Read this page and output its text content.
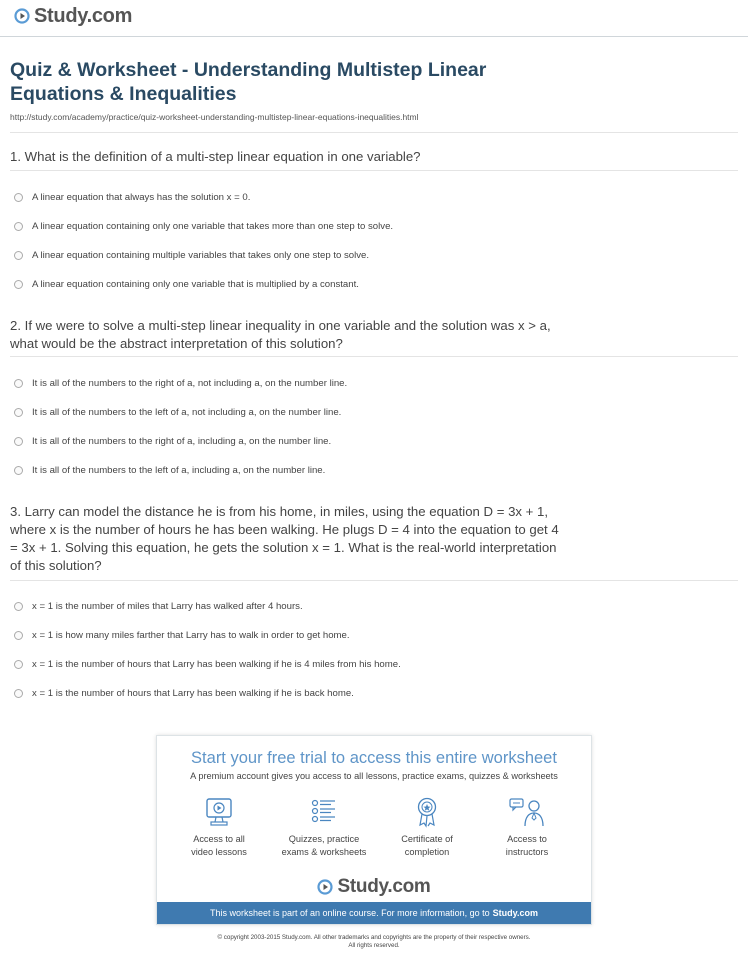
Study.com
Quiz & Worksheet - Understanding Multistep Linear
Equations & Inequalities
http://study.com/academy/practice/quiz-worksheet-understanding-multistep-linear-equations-inequalities.html
1. What is the definition of a multi-step linear equation in one variable?
A linear equation that always has the solution x = 0.
A linear equation containing only one variable that takes more than one step to solve.
A linear equation containing multiple variables that takes only one step to solve.
A linear equation containing only one variable that is multiplied by a constant.
2. If we were to solve a multi-step linear inequality in one variable and the solution was x > a,
what would be the abstract interpretation of this solution?
It is all of the numbers to the right of a, not including a, on the number line.
It is all of the numbers to the left of a, not including a, on the number line.
It is all of the numbers to the right of a, including a, on the number line.
It is all of the numbers to the left of a, including a, on the number line.
3. Larry can model the distance he is from his home, in miles, using the equation D = 3x + 1,
where x is the number of hours he has been walking. He plugs D = 4 into the equation to get 4
= 3x + 1. Solving this equation, he gets the solution x = 1. What is the real-world interpretation
of this solution?
x = 1 is the number of miles that Larry has walked after 4 hours.
x = 1 is how many miles farther that Larry has to walk in order to get home.
x = 1 is the number of hours that Larry has been walking if he is 4 miles from his home.
x = 1 is the number of hours that Larry has been walking if he is back home.
Start your free trial to access this entire worksheet
A premium account gives you access to all lessons, practice exams, quizzes & worksheets
Access to all
video lessons
Quizzes, practice
exams & worksheets
Certificate of
completion
Access to
instructors
Study.com
This worksheet is part of an online course. For more information, go to Study.com
© copyright 2003-2015 Study.com. All other trademarks and copyrights are the property of their respective owners.
All rights reserved.
